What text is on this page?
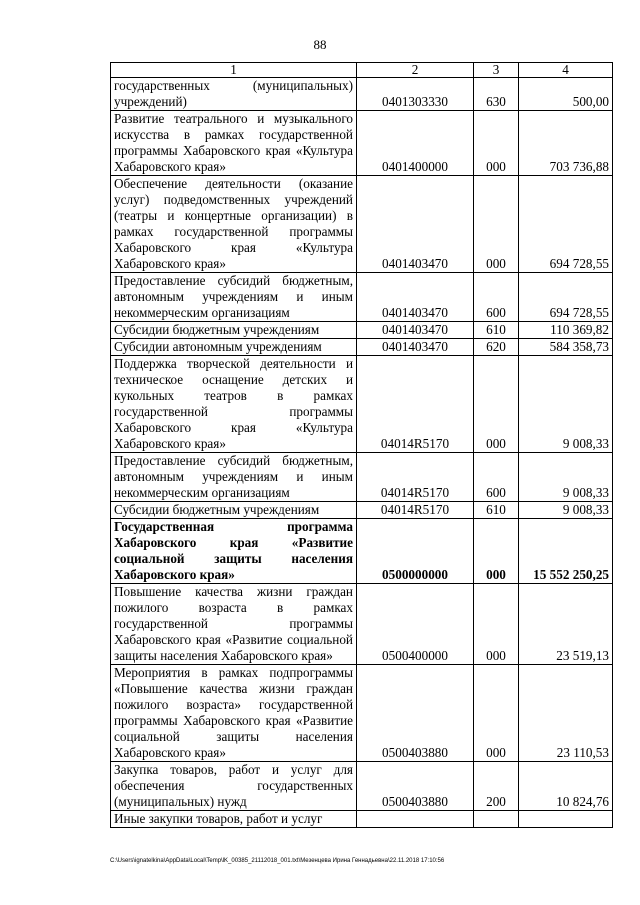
88
1	2	3	4
государственных (муниципальных) учреждений)	0401303330	630	500,00
Развитие театрального и музыкального искусства в рамках государственной программы Хабаровского края «Культура Хабаровского края»	0401400000	000	703 736,88
Обеспечение деятельности (оказание услуг) подведомственных учреждений (театры и концертные организации) в рамках государственной программы Хабаровского края «Культура Хабаровского края»	0401403470	000	694 728,55
Предоставление субсидий бюджетным, автономным учреждениям и иным некоммерческим организациям	0401403470	600	694 728,55
Субсидии бюджетным учреждениям	0401403470	610	110 369,82
Субсидии автономным учреждениям	0401403470	620	584 358,73
Поддержка творческой деятельности и техническое оснащение детских и кукольных театров в рамках государственной программы Хабаровского края «Культура Хабаровского края»	04014R5170	000	9 008,33
Предоставление субсидий бюджетным, автономным учреждениям и иным некоммерческим организациям	04014R5170	600	9 008,33
Субсидии бюджетным учреждениям	04014R5170	610	9 008,33
Государственная программа Хабаровского края «Развитие социальной защиты населения Хабаровского края»	0500000000	000	15 552 250,25
Повышение качества жизни граждан пожилого возраста в рамках государственной программы Хабаровского края «Развитие социальной защиты населения Хабаровского края»	0500400000	000	23 519,13
Мероприятия в рамках подпрограммы «Повышение качества жизни граждан пожилого возраста» государственной программы Хабаровского края «Развитие социальной защиты населения Хабаровского края»	0500403880	000	23 110,53
Закупка товаров, работ и услуг для обеспечения государственных (муниципальных) нужд	0500403880	200	10 824,76
Иные закупки товаров, работ и услуг			
C:\Users\ignatelkina\AppData\Local\Temp\lK_00385_21112018_001.txt\Мезенцева Ирина Геннадьевна\22.11.2018 17:10:56
